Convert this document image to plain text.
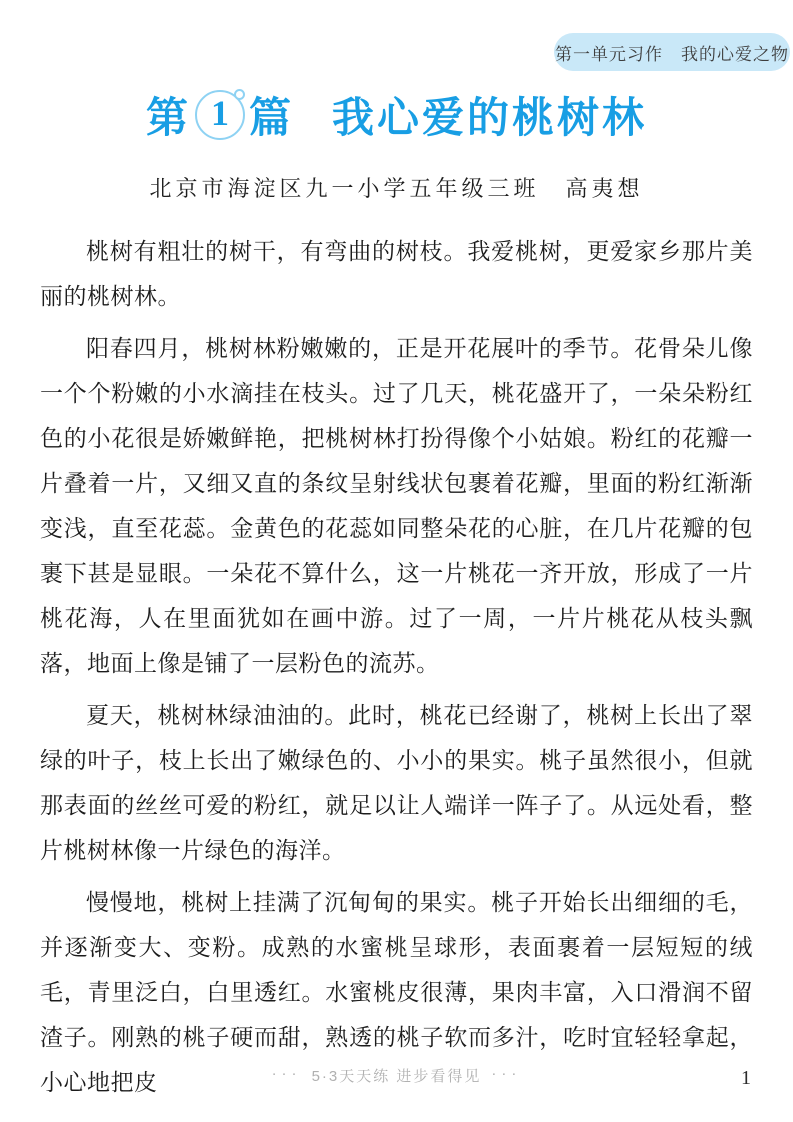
第一单元习作　我的心爱之物
第 1 篇 我心爱的桃树林
北京市海淀区九一小学五年级三班　高夷想

桃树有粗壮的树干，有弯曲的树枝。我爱桃树，更爱家乡那片美丽的桃树林。

阳春四月，桃树林粉嫩嫩的，正是开花展叶的季节。花骨朵儿像一个个粉嫩的小水滴挂在枝头。过了几天，桃花盛开了，一朵朵粉红色的小花很是娇嫩鲜艳，把桃树林打扮得像个小姑娘。粉红的花瓣一片叠着一片，又细又直的条纹呈射线状包裹着花瓣，里面的粉红渐渐变浅，直至花蕊。金黄色的花蕊如同整朵花的心脏，在几片花瓣的包裹下甚是显眼。一朵花不算什么，这一片桃花一齐开放，形成了一片桃花海，人在里面犹如在画中游。过了一周，一片片桃花从枝头飘落，地面上像是铺了一层粉色的流苏。

夏天，桃树林绿油油的。此时，桃花已经谢了，桃树上长出了翠绿的叶子，枝上长出了嫩绿色的、小小的果实。桃子虽然很小，但就那表面的丝丝可爱的粉红，就足以让人端详一阵子了。从远处看，整片桃树林像一片绿色的海洋。

慢慢地，桃树上挂满了沉甸甸的果实。桃子开始长出细细的毛，并逐渐变大、变粉。成熟的水蜜桃呈球形，表面裹着一层短短的绒毛，青里泛白，白里透红。水蜜桃皮很薄，果肉丰富，入口滑润不留渣子。刚熟的桃子硬而甜，熟透的桃子软而多汁，吃时宜轻轻拿起，小心地把皮	··· 5·3天天练 进步看得见 ···	1
